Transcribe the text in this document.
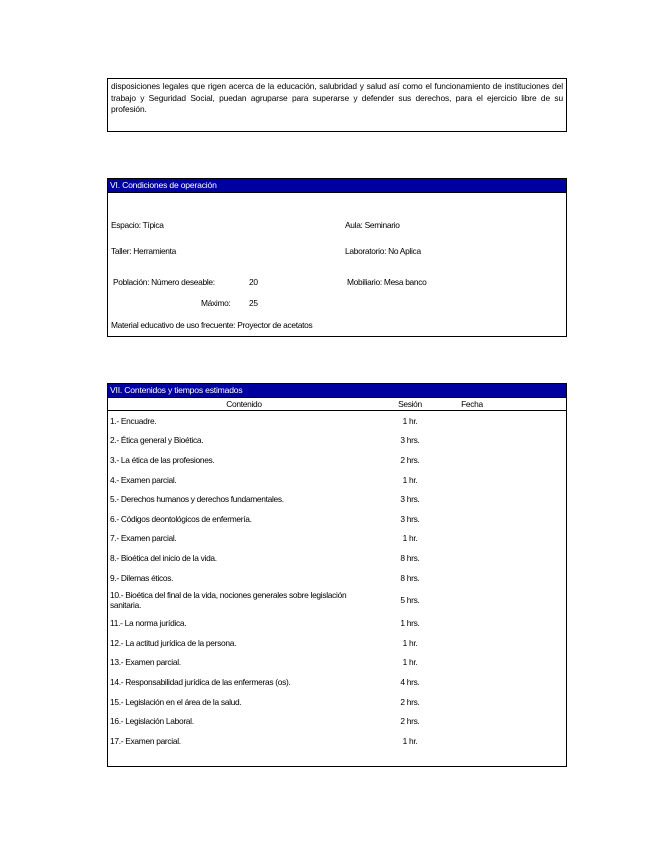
disposiciones legales que rigen acerca de la educación, salubridad y salud así como el funcionamiento de instituciones del trabajo y Seguridad Social, puedan agruparse para superarse y defender sus derechos, para el ejercicio libre de su profesión.

VI. Condiciones de operación
Espacio: Típica	Aula: Seminario
Taller: Herramienta	Laboratorio: No Aplica
Población: Número deseable:	20	Mobiliario: Mesa banco
Máximo: 25
Material educativo de uso frecuente: Proyector de acetatos
VII. Contenidos y tiempos estimados
Contenido	Sesión	Fecha	
1.- Encuadre.	1 hr.		
2.- Ética general y Bioética.	3 hrs.		
3.- La ética de las profesiones.	2 hrs.		
4.- Examen parcial.	1 hr.		
5.- Derechos humanos y derechos fundamentales.	3 hrs.		
6.- Códigos deontológicos de enfermería.	3 hrs.		
7.- Examen parcial.	1 hr.		
8.- Bioética del inicio de la vida.	8 hrs.		
9.- Dilemas éticos.	8 hrs.		
10.- Bioética del final de la vida, nociones generales sobre legislación sanitaria.	5 hrs.		
11.- La norma jurídica.	1 hrs.		
12.- La actitud jurídica de la persona.	1 hr.		
13.- Examen parcial.	1 hr.		
14.- Responsabilidad jurídica de las enfermeras (os).	4 hrs.		
15.- Legislación en el área de la salud.	2 hrs.		
16.- Legislación Laboral.	2 hrs.		
17.- Examen parcial.	1 hr.		
